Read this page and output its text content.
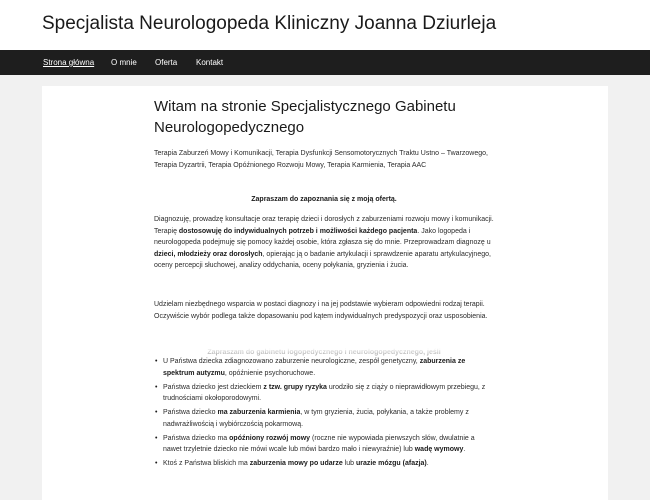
Specjalista Neurologopeda Kliniczny Joanna Dziurleja
Strona główna O mnie Oferta Kontakt
Witam na stronie Specjalistycznego Gabinetu Neurologopedycznego

Terapia Zaburzeń Mowy i Komunikacji, Terapia Dysfunkcji Sensomotorycznych Traktu Ustno – Twarzowego, Terapia Dyzartrii, Terapia Opóźnionego Rozwoju Mowy, Terapia Karmienia, Terapia AAC

Zapraszam do zapoznania się z moją ofertą.

Diagnozuję, prowadzę konsultacje oraz terapię dzieci i dorosłych z zaburzeniami rozwoju mowy i komunikacji. Terapię dostosowuję do indywidualnych potrzeb i możliwości każdego pacjenta. Jako logopeda i neurologopeda podejmuję się pomocy każdej osobie, która zgłasza się do mnie. Przeprowadzam diagnozę u dzieci, młodzieży oraz dorosłych, opierając ją o badanie artykulacji i sprawdzenie aparatu artykulacyjnego, oceny percepcji słuchowej, analizy oddychania, oceny połykania, gryzienia i żucia.

Udzielam niezbędnego wsparcia w postaci diagnozy i na jej podstawie wybieram odpowiedni rodzaj terapii. Oczywiście wybór podlega także dopasowaniu pod kątem indywidualnych predyspozycji oraz usposobienia.

• U Państwa dziecka zdiagnozowano zaburzenie neurologiczne, zespół genetyczny, zaburzenia ze spektrum autyzmu, opóźnienie psychoruchowe.
• Państwa dziecko jest dzieckiem z tzw. grupy ryzyka urodziło się z ciąży o nieprawidłowym przebiegu, z trudnościami okołoporodowymi.
• Państwa dziecko ma zaburzenia karmienia, w tym gryzienia, żucia, połykania, a także problemy z nadwrażliwością i wybiórczością pokarmową.
• Państwa dziecko ma opóźniony rozwój mowy (roczne nie wypowiada pierwszych słów, dwulatnie a nawet trzyletnie dziecko nie mówi wcale lub mówi bardzo mało i niewyraźnie) lub wadę wymowy.
• Ktoś z Państwa bliskich ma zaburzenia mowy po udarze lub urazie mózgu (afazja).
